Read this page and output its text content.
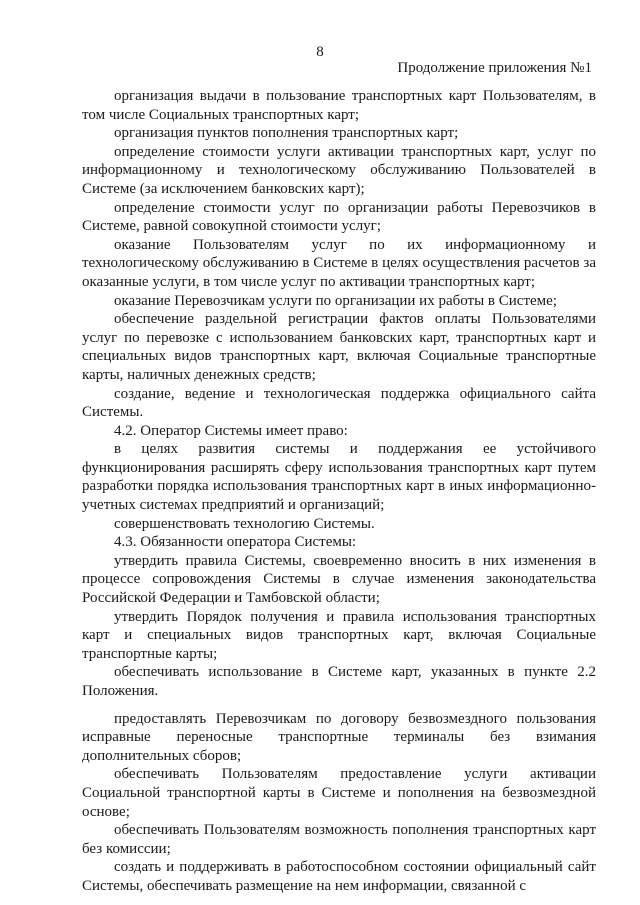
8
Продолжение приложения №1

организация выдачи в пользование транспортных карт Пользователям, в том числе Социальных транспортных карт;

организация пунктов пополнения транспортных карт;

определение стоимости услуги активации транспортных карт, услуг по информационному и технологическому обслуживанию Пользователей в Системе (за исключением банковских карт);

определение стоимости услуг по организации работы Перевозчиков в Системе, равной совокупной стоимости услуг;

оказание Пользователям услуг по их информационному и технологическому обслуживанию в Системе в целях осуществления расчетов за оказанные услуги, в том числе услуг по активации транспортных карт;

оказание Перевозчикам услуги по организации их работы в Системе;

обеспечение раздельной регистрации фактов оплаты Пользователями услуг по перевозке с использованием банковских карт, транспортных карт и специальных видов транспортных карт, включая Социальные транспортные карты, наличных денежных средств;

создание, ведение и технологическая поддержка официального сайта Системы.

4.2. Оператор Системы имеет право:

в целях развития системы и поддержания ее устойчивого функционирования расширять сферу использования транспортных карт путем разработки порядка использования транспортных карт в иных информационно-учетных системах предприятий и организаций;

совершенствовать технологию Системы.

4.3. Обязанности оператора Системы:

утвердить правила Системы, своевременно вносить в них изменения в процессе сопровождения Системы в случае изменения законодательства Российской Федерации и Тамбовской области;

утвердить Порядок получения и правила использования транспортных карт и специальных видов транспортных карт, включая Социальные транспортные карты;

обеспечивать использование в Системе карт, указанных в пункте 2.2 Положения.

предоставлять Перевозчикам по договору безвозмездного пользования исправные переносные транспортные терминалы без взимания дополнительных сборов;

обеспечивать Пользователям предоставление услуги активации Социальной транспортной карты в Системе и пополнения на безвозмездной основе;

обеспечивать Пользователям возможность пополнения транспортных карт без комиссии;

создать и поддерживать в работоспособном состоянии официальный сайт Системы, обеспечивать размещение на нем информации, связанной с
